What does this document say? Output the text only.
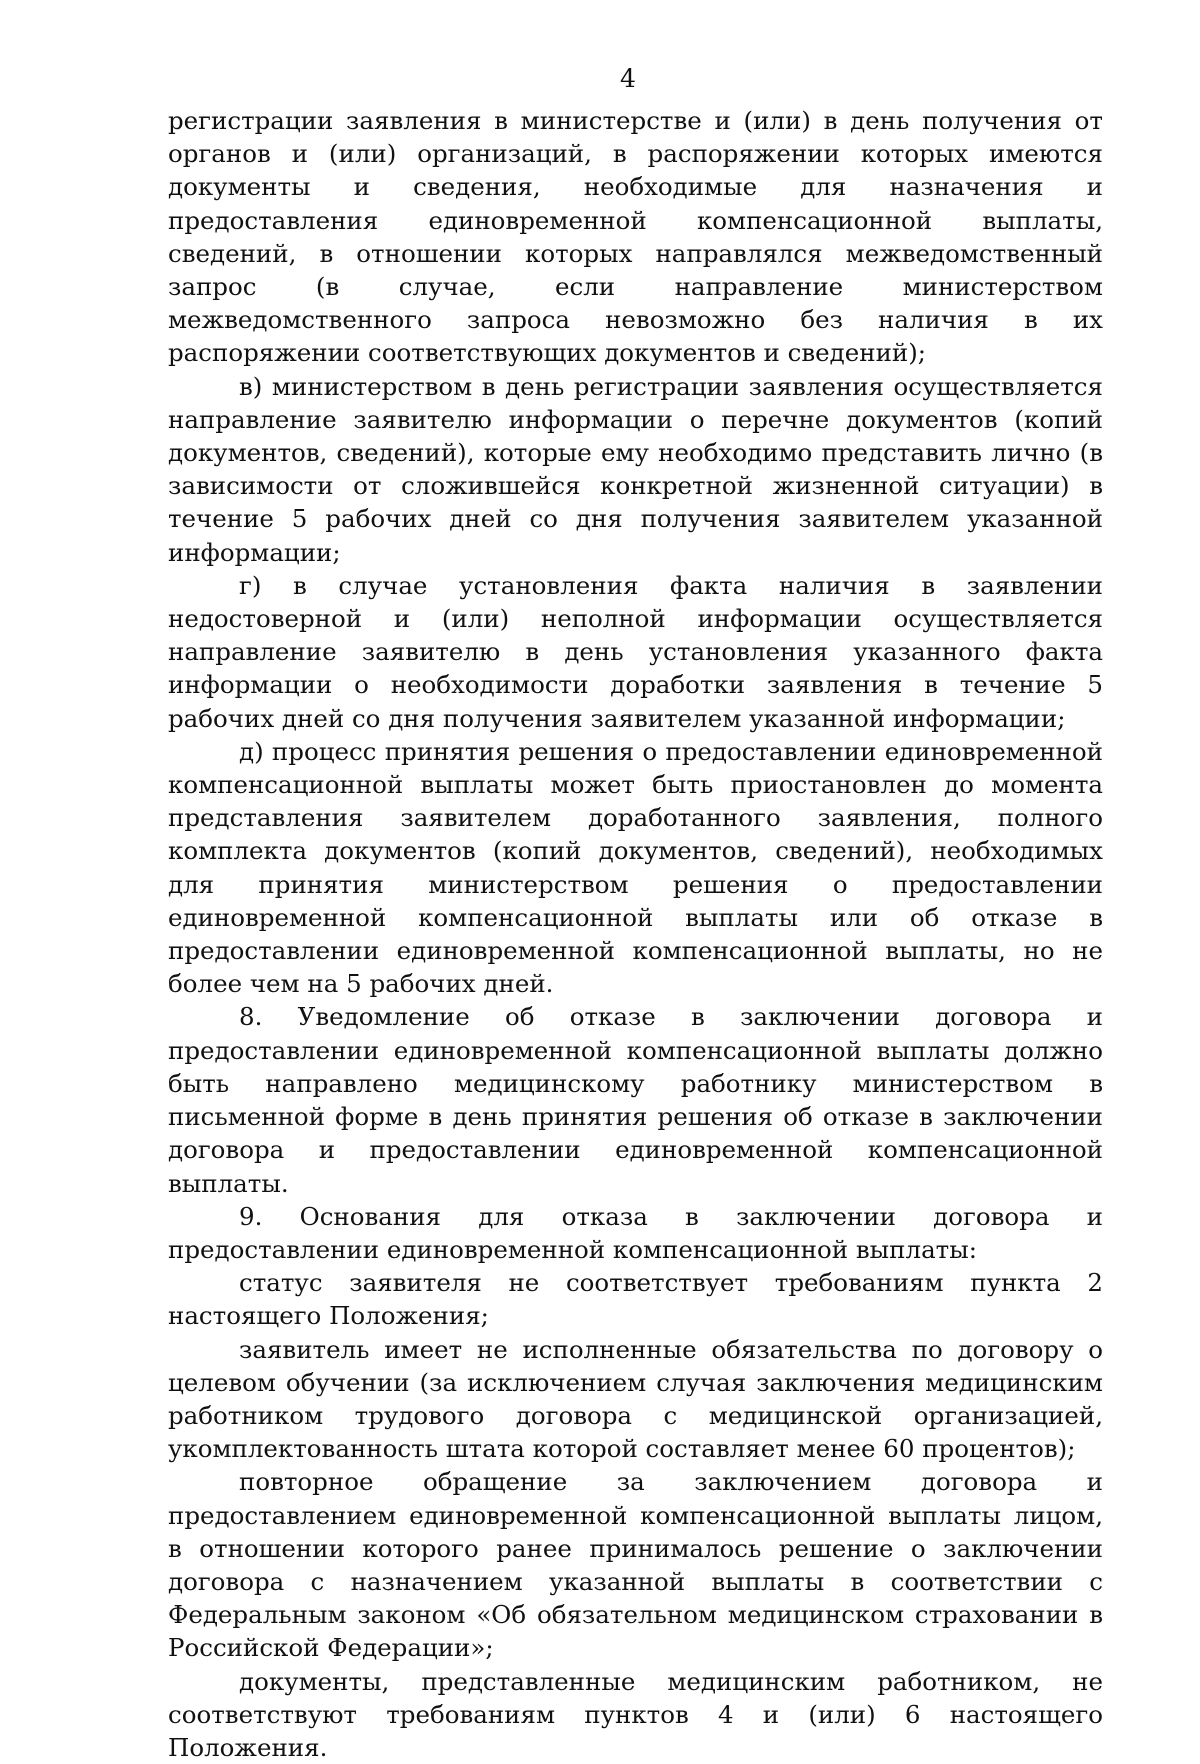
4

регистрации заявления в министерстве и (или) в день получения от органов и (или) организаций, в распоряжении которых имеются документы и сведения, необходимые для назначения и предоставления единовременной компенсационной выплаты, сведений, в отношении которых направлялся межведомственный запрос (в случае, если направление министерством межведомственного запроса невозможно без наличия в их распоряжении соответствующих документов и сведений);

в) министерством в день регистрации заявления осуществляется направление заявителю информации о перечне документов (копий документов, сведений), которые ему необходимо представить лично (в зависимости от сложившейся конкретной жизненной ситуации) в течение 5 рабочих дней со дня получения заявителем указанной информации;

г) в случае установления факта наличия в заявлении недостоверной и (или) неполной информации осуществляется направление заявителю в день установления указанного факта информации о необходимости доработки заявления в течение 5 рабочих дней со дня получения заявителем указанной информации;

д) процесс принятия решения о предоставлении единовременной компенсационной выплаты может быть приостановлен до момента представления заявителем доработанного заявления, полного комплекта документов (копий документов, сведений), необходимых для принятия министерством решения о предоставлении единовременной компенсационной выплаты или об отказе в предоставлении единовременной компенсационной выплаты, но не более чем на 5 рабочих дней.

8. Уведомление об отказе в заключении договора и предоставлении единовременной компенсационной выплаты должно быть направлено медицинскому работнику министерством в письменной форме в день принятия решения об отказе в заключении договора и предоставлении единовременной компенсационной выплаты.

9. Основания для отказа в заключении договора и предоставлении единовременной компенсационной выплаты:

статус заявителя не соответствует требованиям пункта 2 настоящего Положения;

заявитель имеет не исполненные обязательства по договору о целевом обучении (за исключением случая заключения медицинским работником трудового договора с медицинской организацией, укомплектованность штата которой составляет менее 60 процентов);

повторное обращение за заключением договора и предоставлением единовременной компенсационной выплаты лицом, в отношении которого ранее принималось решение о заключении договора с назначением указанной выплаты в соответствии с Федеральным законом «Об обязательном медицинском страховании в Российской Федерации»;

документы, представленные медицинским работником, не соответствуют требованиям пунктов 4 и (или) 6 настоящего Положения.
